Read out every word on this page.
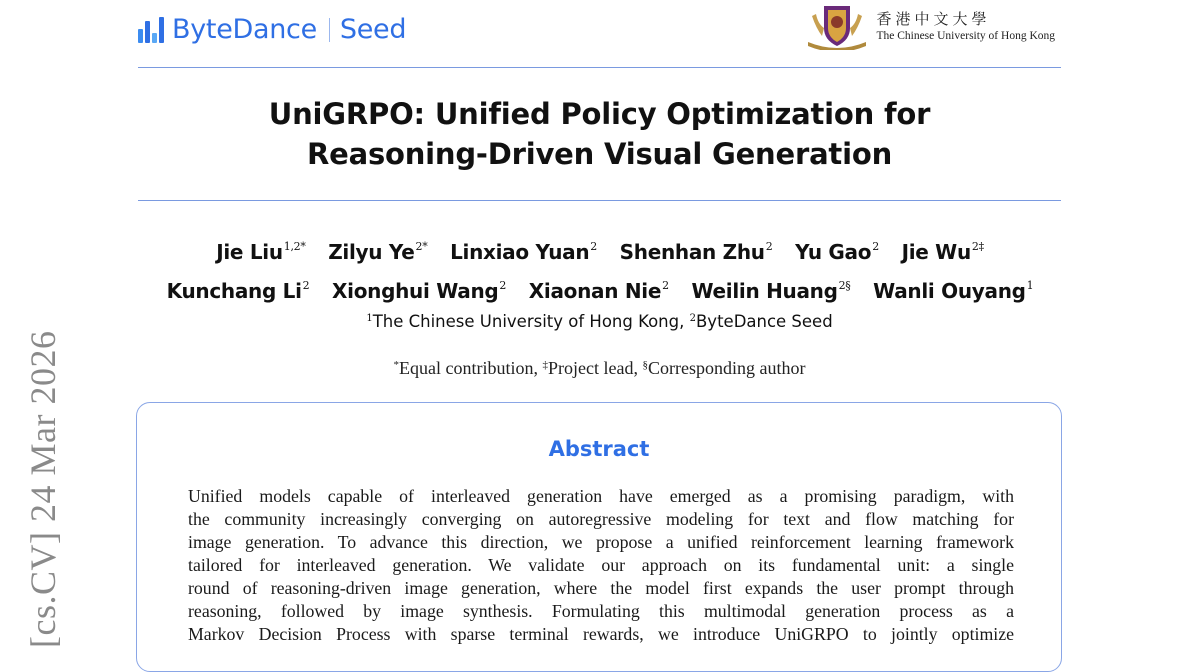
[cs.CV] 24 Mar 2026
ByteDance Seed	香港中文大學
The Chinese University of Hong Kong
UniGRPO: Unified Policy Optimization for
Reasoning-Driven Visual Generation
Jie Liu$^{1,2*}$ Zilyu $Ye^{2*}$ Linxiao Yuan$^2$ Shenhan Zhu$^2$ Yu Gao$^2$ Jie $Wu^{2\ddagger}$
Kunchang Li$^2$ Xionghui Wang$^2$ Xiaonan Nie$^2$ Weilin Huang$^{2\S}$ Wanli Ouyang$^1$
$^1$The Chinese University of Hong Kong, $^2$ByteDance Seed
*Equal contribution, ‡Project lead, §Corresponding author
Abstract
Unified models capable of interleaved generation have emerged as a promising paradigm, with
the community increasingly converging on autoregressive modeling for text and flow matching for
image generation. To advance this direction, we propose a unified reinforcement learning framework
tailored for interleaved generation. We validate our approach on its fundamental unit: a single
round of reasoning-driven image generation, where the model first expands the user prompt through
reasoning, followed by image synthesis. Formulating this multimodal generation process as a
Markov Decision Process with sparse terminal rewards, we introduce UniGRPO to jointly optimize
